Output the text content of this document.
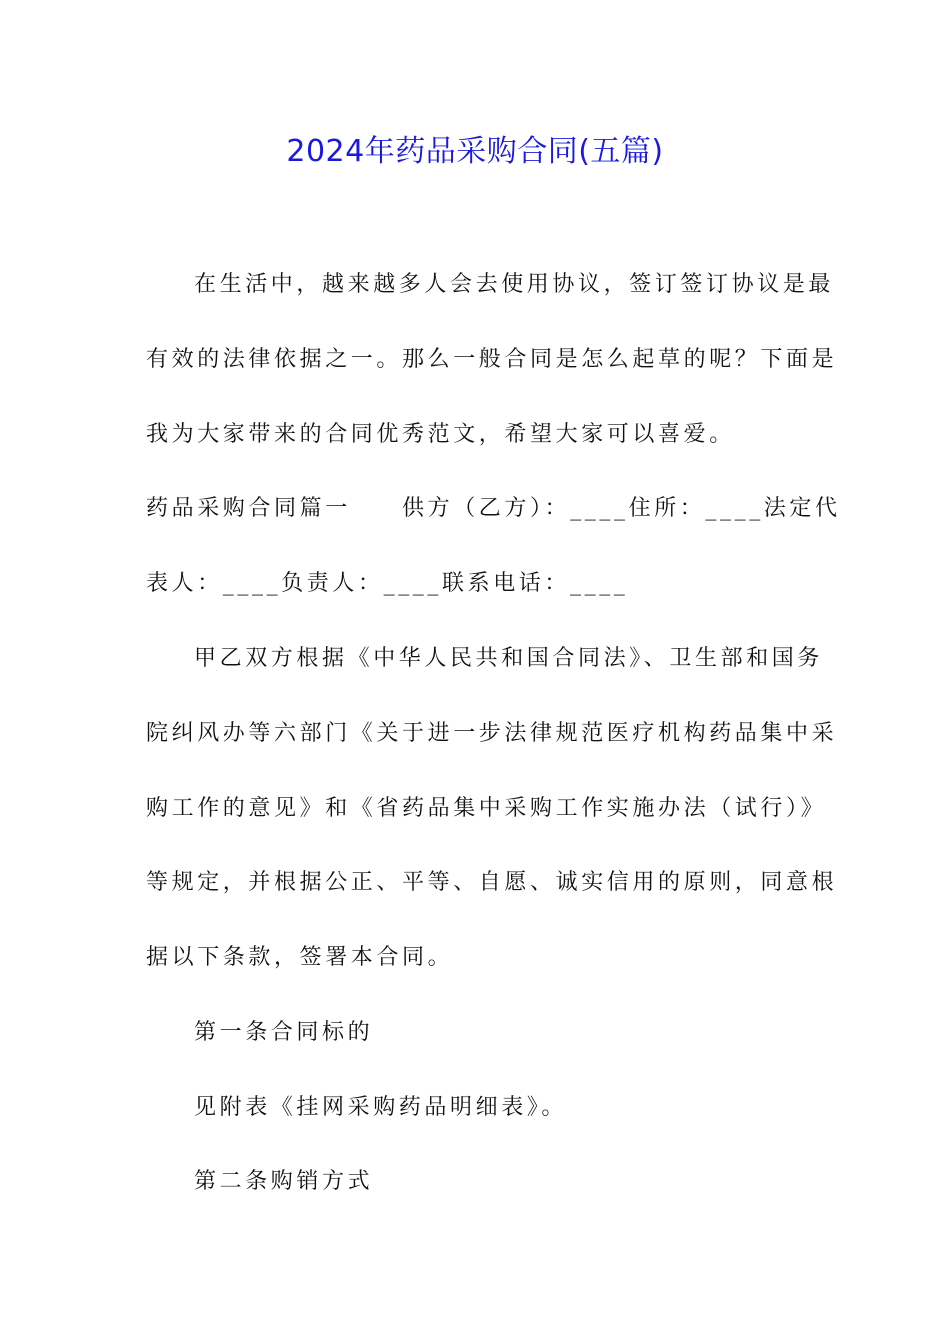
2024年药品采购合同(五篇)
在生活中，越来越多人会去使用协议，签订签订协议是最
有效的法律依据之一。那么一般合同是怎么起草的呢？下面是
我为大家带来的合同优秀范文，希望大家可以喜爱。
药品采购合同篇一　　供方（乙方）：____住所：____法定代
表人：____负责人：____联系电话：____
甲乙双方根据《中华人民共和国合同法》、卫生部和国务
院纠风办等六部门《关于进一步法律规范医疗机构药品集中采
购工作的意见》和《省药品集中采购工作实施办法（试行）》
等规定，并根据公正、平等、自愿、诚实信用的原则，同意根
据以下条款，签署本合同。
第一条合同标的
见附表《挂网采购药品明细表》。
第二条购销方式
